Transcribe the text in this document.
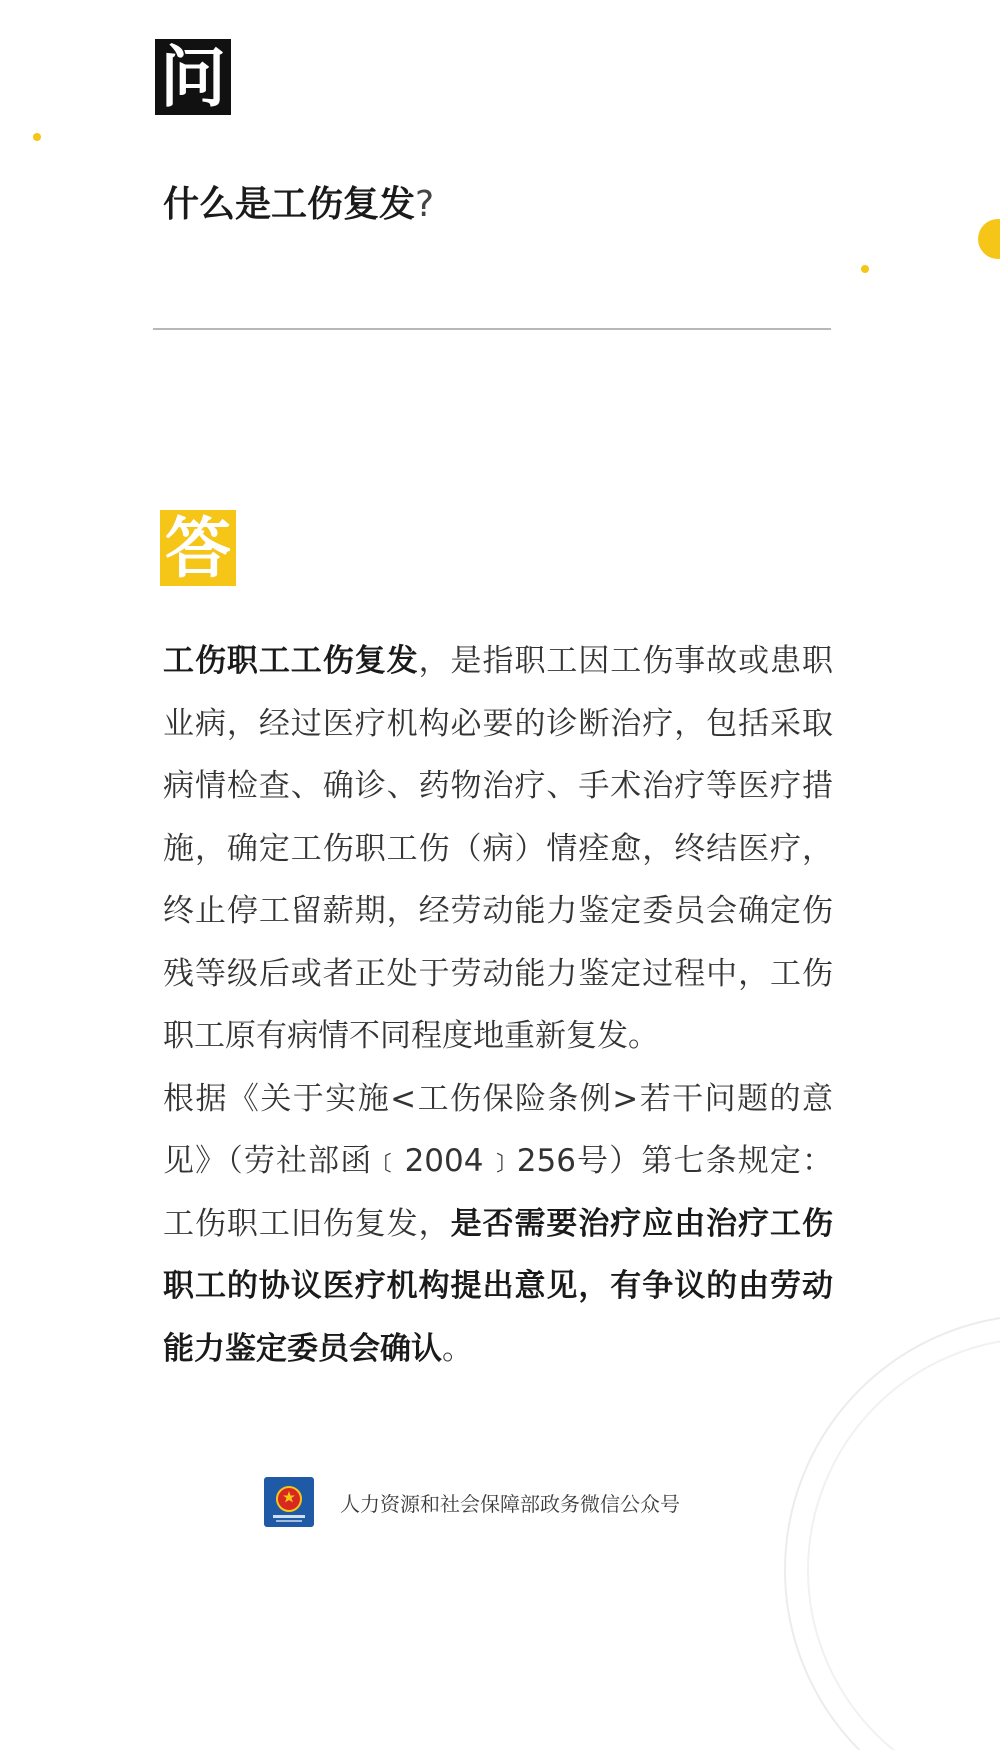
问
什么是工伤复发?
答

工伤职工工伤复发，是指职工因工伤事故或患职业病，经过医疗机构必要的诊断治疗，包括采取病情检查、确诊、药物治疗、手术治疗等医疗措施，确定工伤职工伤（病）情痊愈，终结医疗，终止停工留薪期，经劳动能力鉴定委员会确定伤残等级后或者正处于劳动能力鉴定过程中，工伤职工原有病情不同程度地重新复发。

根据《关于实施<工伤保险条例>若干问题的意见》（劳社部函﹝2004﹞256号）第七条规定：工伤职工旧伤复发，是否需要治疗应由治疗工伤职工的协议医疗机构提出意见，有争议的由劳动能力鉴定委员会确认。

人力资源和社会保障部政务微信公众号
